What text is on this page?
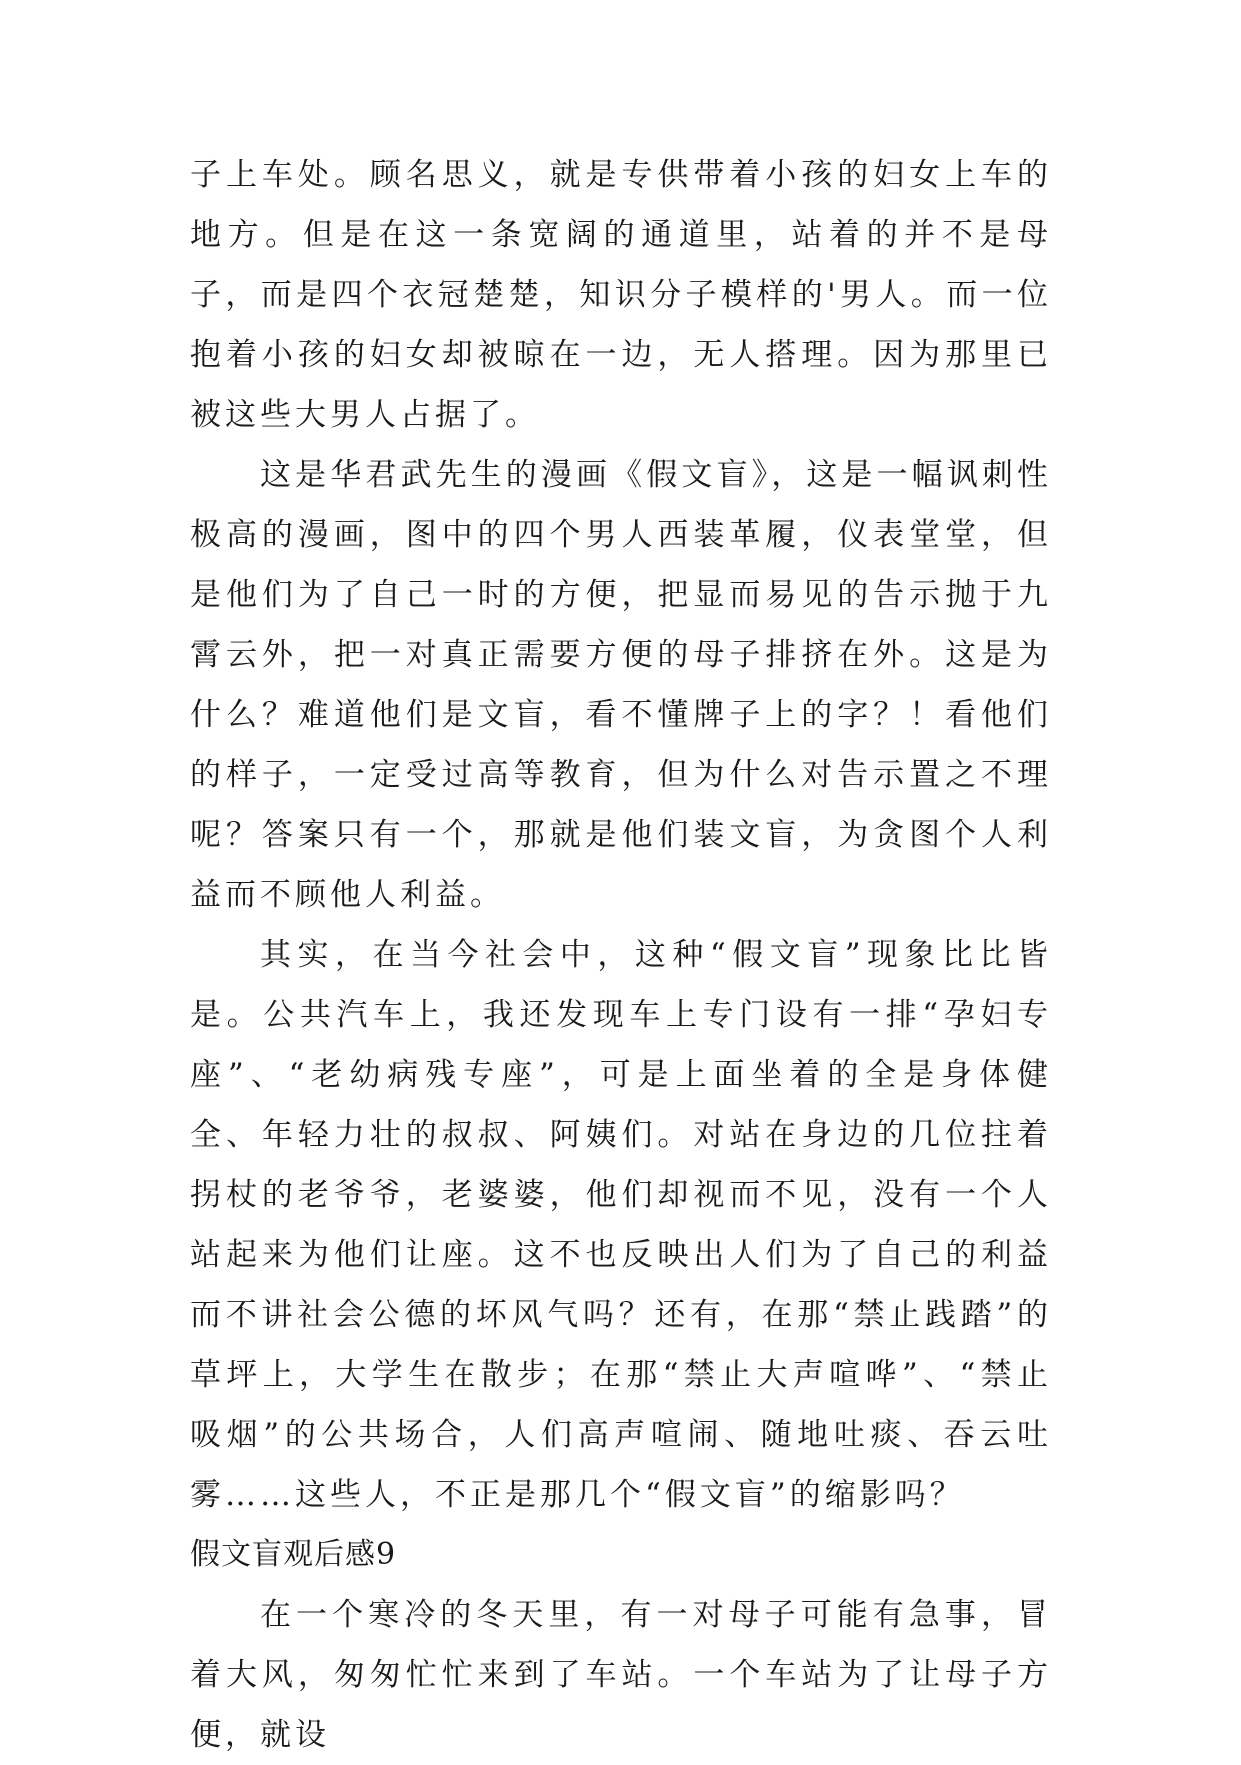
子上车处。顾名思义，就是专供带着小孩的妇女上车的地方。但是在这一条宽阔的通道里，站着的并不是母子，而是四个衣冠楚楚，知识分子模样的'男人。而一位抱着小孩的妇女却被晾在一边，无人搭理。因为那里已被这些大男人占据了。

这是华君武先生的漫画《假文盲》，这是一幅讽刺性极高的漫画，图中的四个男人西装革履，仪表堂堂，但是他们为了自己一时的方便，把显而易见的告示抛于九霄云外，把一对真正需要方便的母子排挤在外。这是为什么？难道他们是文盲，看不懂牌子上的字？！看他们的样子，一定受过高等教育，但为什么对告示置之不理呢？答案只有一个，那就是他们装文盲，为贪图个人利益而不顾他人利益。

其实，在当今社会中，这种“假文盲”现象比比皆是。公共汽车上，我还发现车上专门设有一排“孕妇专座”、“老幼病残专座”，可是上面坐着的全是身体健全、年轻力壮的叔叔、阿姨们。对站在身边的几位拄着拐杖的老爷爷，老婆婆，他们却视而不见，没有一个人站起来为他们让座。这不也反映出人们为了自己的利益而不讲社会公德的坏风气吗？还有，在那“禁止践踏”的草坪上，大学生在散步；在那“禁止大声喧哗”、“禁止吸烟”的公共场合，人们高声喧闹、随地吐痰、吞云吐雾……这些人，不正是那几个“假文盲”的缩影吗？

假文盲观后感9

在一个寒冷的冬天里，有一对母子可能有急事，冒着大风，匆匆忙忙来到了车站。一个车站为了让母子方便，就设
